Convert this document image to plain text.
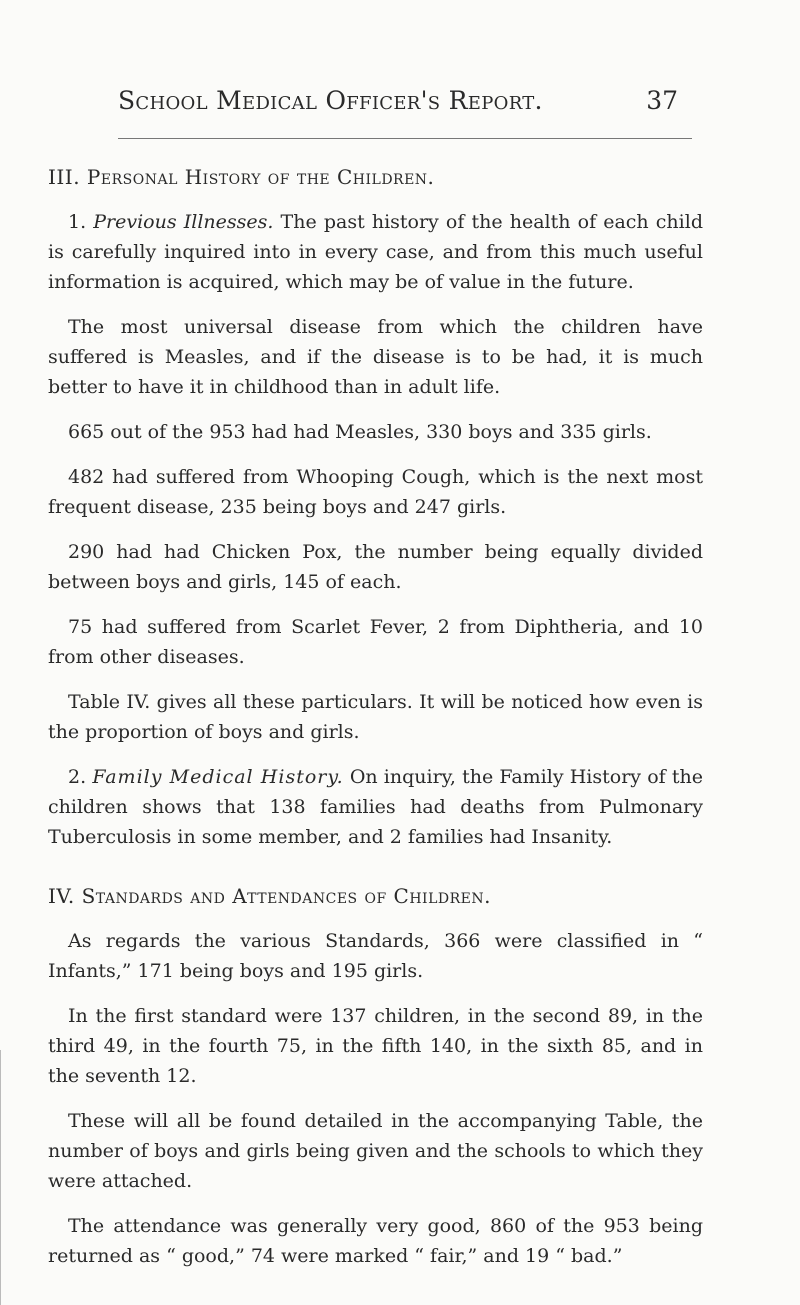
School Medical Officer's Report.	37
III. Personal History of the Children.

1. Previous Illnesses. The past history of the health of each child is carefully inquired into in every case, and from this much useful information is acquired, which may be of value in the future.

The most universal disease from which the children have suffered is Measles, and if the disease is to be had, it is much better to have it in childhood than in adult life.

665 out of the 953 had had Measles, 330 boys and 335 girls.

482 had suffered from Whooping Cough, which is the next most frequent disease, 235 being boys and 247 girls.

290 had had Chicken Pox, the number being equally divided between boys and girls, 145 of each.

75 had suffered from Scarlet Fever, 2 from Diphtheria, and 10 from other diseases.

Table IV. gives all these particulars. It will be noticed how even is the proportion of boys and girls.

2. Family Medical History. On inquiry, the Family History of the children shows that 138 families had deaths from Pulmonary Tuberculosis in some member, and 2 families had Insanity.

IV. Standards and Attendances of Children.

As regards the various Standards, 366 were classified in “ Infants,” 171 being boys and 195 girls.

In the first standard were 137 children, in the second 89, in the third 49, in the fourth 75, in the fifth 140, in the sixth 85, and in the seventh 12.

These will all be found detailed in the accompanying Table, the number of boys and girls being given and the schools to which they were attached.

The attendance was generally very good, 860 of the 953 being returned as “ good,” 74 were marked “ fair,” and 19 “ bad.”
